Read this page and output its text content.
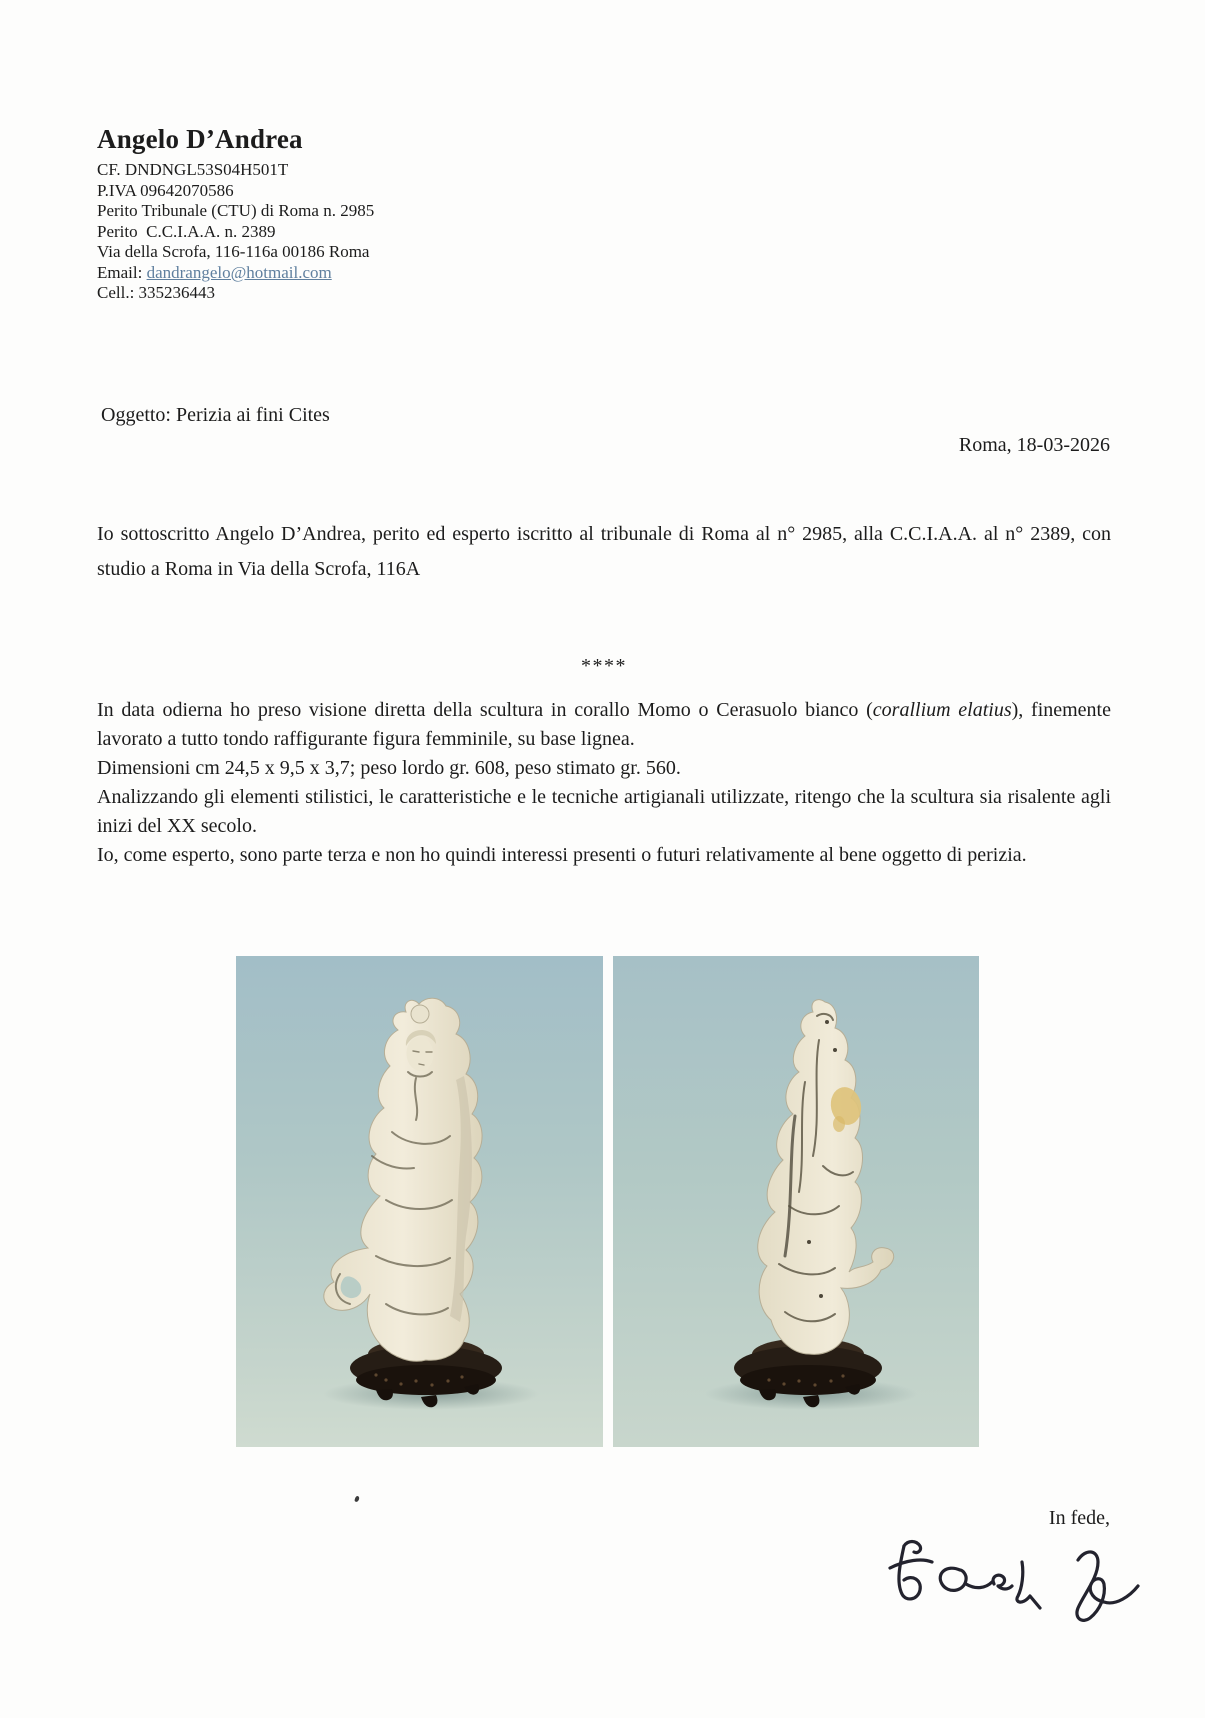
Angelo D’Andrea
CF. DNDNGL53S04H501T
P.IVA 09642070586
Perito Tribunale (CTU) di Roma n. 2985
Perito  C.C.I.A.A. n. 2389
Via della Scrofa, 116-116a 00186 Roma
Email: dandrangelo@hotmail.com
Cell.: 335236443
Oggetto: Perizia ai fini Cites
Roma, 18-03-2026
Io sottoscritto Angelo D’Andrea, perito ed esperto iscritto al tribunale di Roma al n° 2985, alla C.C.I.A.A. al n° 2389, con studio a Roma in Via della Scrofa, 116A
****
In data odierna ho preso visione diretta della scultura in corallo Momo o Cerasuolo bianco (corallium elatius), finemente lavorato a tutto tondo raffigurante figura femminile, su base lignea.
Dimensioni cm 24,5 x 9,5 x 3,7; peso lordo gr. 608, peso stimato gr. 560.
Analizzando gli elementi stilistici, le caratteristiche e le tecniche artigianali utilizzate, ritengo che la scultura sia risalente agli inizi del XX secolo.
Io, come esperto, sono parte terza e non ho quindi interessi presenti o futuri relativamente al bene oggetto di perizia.
In fede,
